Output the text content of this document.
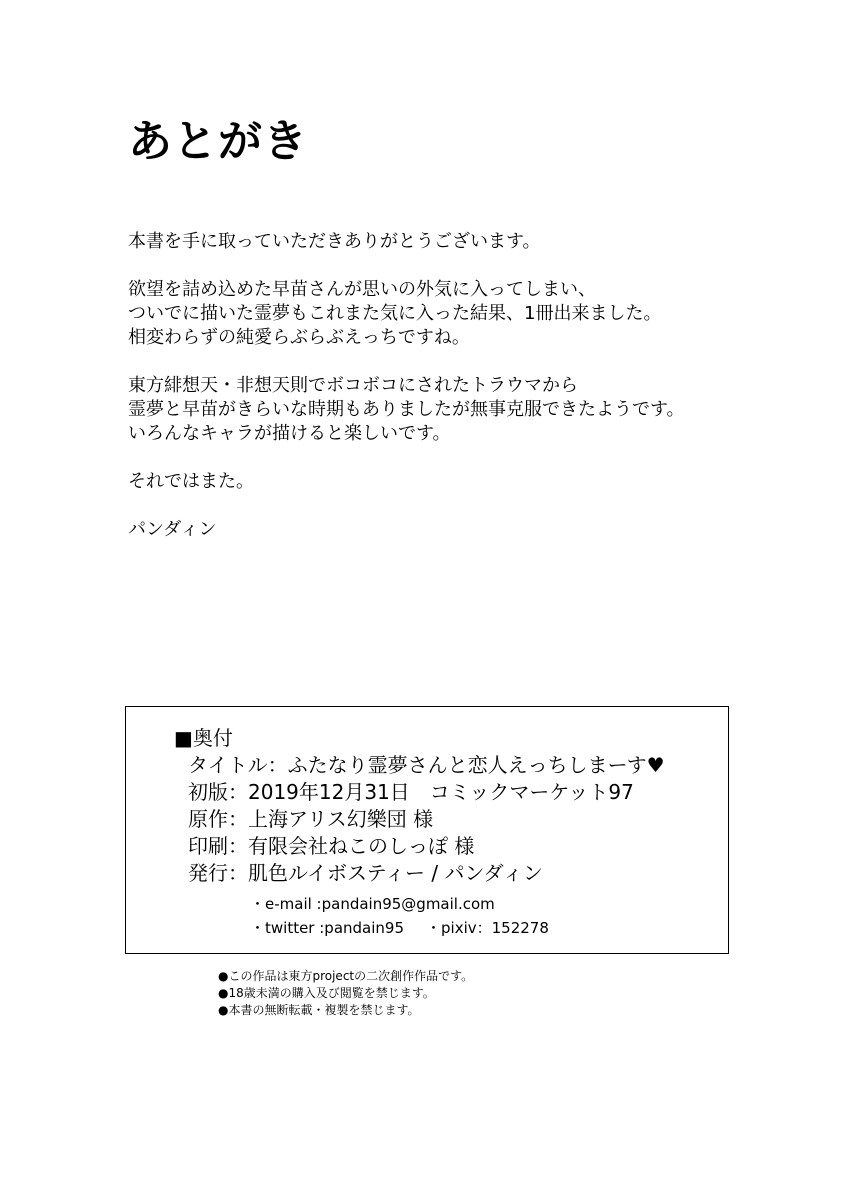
あとがき
本書を手に取っていただきありがとうございます。
欲望を詰め込めた早苗さんが思いの外気に入ってしまい、
ついでに描いた霊夢もこれまた気に入った結果、1冊出来ました。
相変わらずの純愛らぶらぶえっちですね。
東方緋想天・非想天則でボコボコにされたトラウマから
霊夢と早苗がきらいな時期もありましたが無事克服できたようです。
いろんなキャラが描けると楽しいです。
それではまた。
パンダィン
■奥付
タイトル：ふたなり霊夢さんと恋人えっちしまーす♥
初版：2019年12月31日　コミックマーケット97
原作：上海アリス幻樂団 様
印刷：有限会社ねこのしっぽ 様
発行：肌色ルイボスティー / パンダィン
・e-mail :pandain95@gmail.com
・twitter :pandain95 ・pixiv：152278
●この作品は東方projectの二次創作作品です。
●18歳未満の購入及び閲覧を禁じます。
●本書の無断転載・複製を禁じます。
